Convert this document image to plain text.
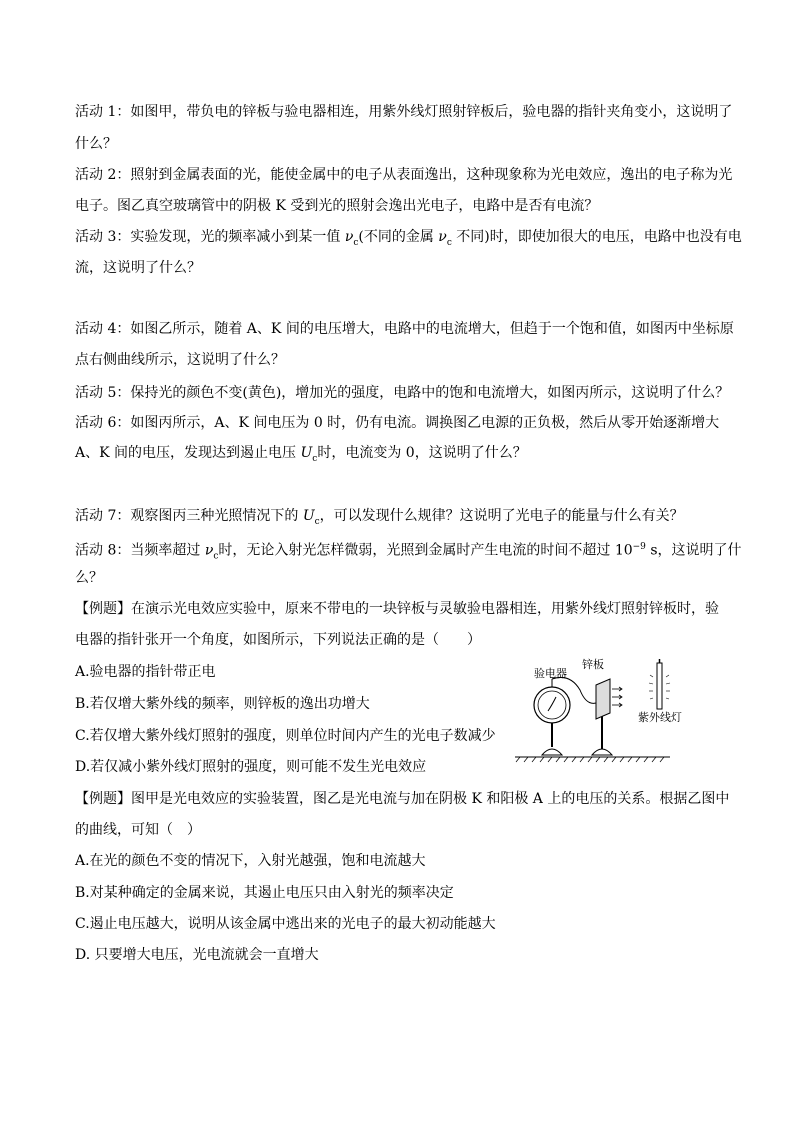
活动 1：如图甲，带负电的锌板与验电器相连，用紫外线灯照射锌板后，验电器的指针夹角变小，这说明了
什么？
活动 2：照射到金属表面的光，能使金属中的电子从表面逸出，这种现象称为光电效应，逸出的电子称为光
电子。图乙真空玻璃管中的阴极 K 受到光的照射会逸出光电子，电路中是否有电流？
活动 3：实验发现，光的频率减小到某一值 $\nu_c$(不同的金属 $\nu_c$ 不同)时，即使加很大的电压，电路中也没有电
流，这说明了什么？
活动 4：如图乙所示，随着 A、K 间的电压增大，电路中的电流增大，但趋于一个饱和值，如图丙中坐标原
点右侧曲线所示，这说明了什么？
活动 5：保持光的颜色不变(黄色)，增加光的强度，电路中的饱和电流增大，如图丙所示，这说明了什么？
活动 6：如图丙所示，A、K 间电压为 0 时，仍有电流。调换图乙电源的正负极，然后从零开始逐渐增大
A、K 间的电压，发现达到遏止电压 $U_c$时，电流变为 0，这说明了什么？
活动 7：观察图丙三种光照情况下的 $U_c$，可以发现什么规律？这说明了光电子的能量与什么有关？
活动 8：当频率超过 $\nu_c$时，无论入射光怎样微弱，光照到金属时产生电流的时间不超过 $10^{-9}$ s，这说明了什
么？
【例题】在演示光电效应实验中，原来不带电的一块锌板与灵敏验电器相连，用紫外线灯照射锌板时，验
电器的指针张开一个角度，如图所示，下列说法正确的是（　　）
A.验电器的指针带正电
B.若仅增大紫外线的频率，则锌板的逸出功增大
C.若仅增大紫外线灯照射的强度，则单位时间内产生的光电子数减少
D.若仅减小紫外线灯照射的强度，则可能不发生光电效应
【例题】图甲是光电效应的实验装置，图乙是光电流与加在阴极 K 和阳极 A 上的电压的关系。根据乙图中
的曲线，可知（　）
A.在光的颜色不变的情况下，入射光越强，饱和电流越大
B.对某种确定的金属来说，其遏止电压只由入射光的频率决定
C.遏止电压越大，说明从该金属中逃出来的光电子的最大初动能越大
D. 只要增大电压，光电流就会一直增大
验电器
锌板
紫外线灯
